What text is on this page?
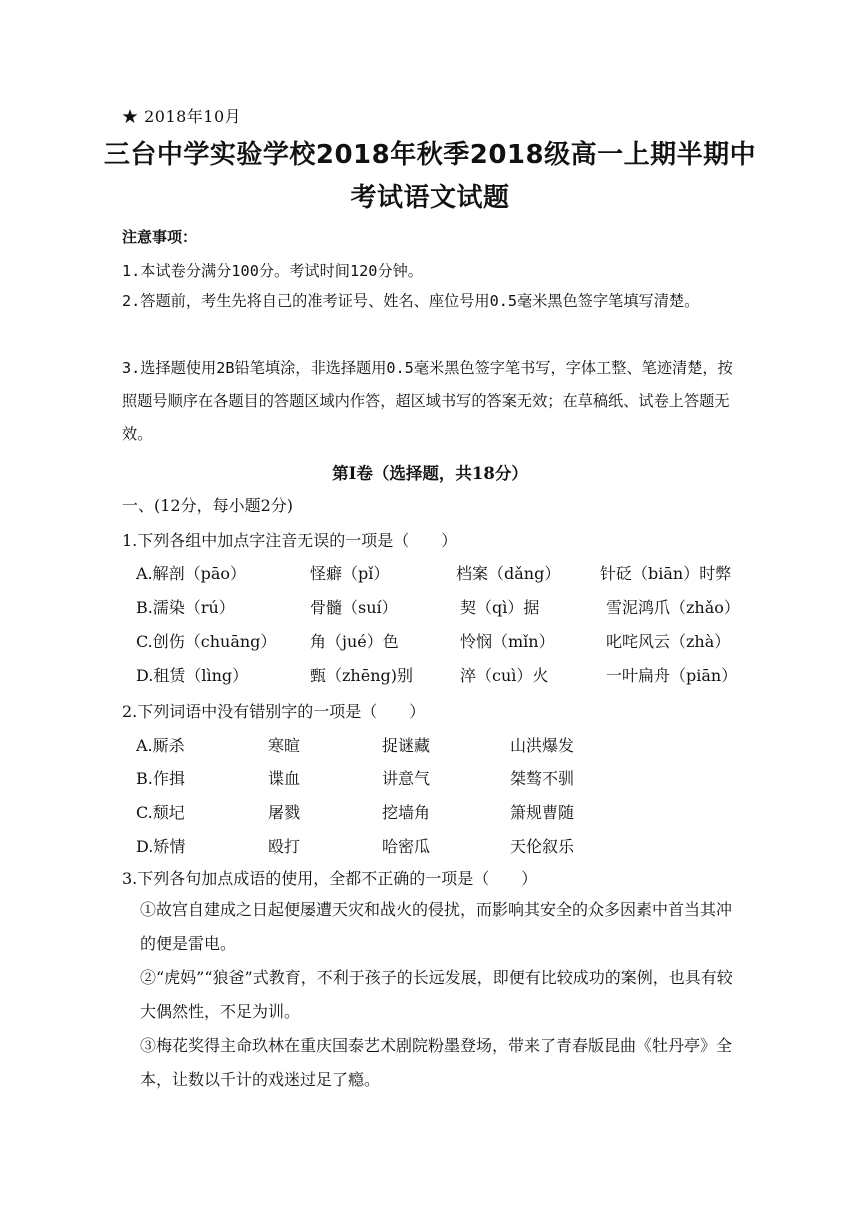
★ 2018年10月
三台中学实验学校2018年秋季2018级高一上期半期中
考试语文试题
注意事项：
1.本试卷分满分100分。考试时间120分钟。
2.答题前，考生先将自己的准考证号、姓名、座位号用0.5毫米黑色签字笔填写清楚。
3.选择题使用2B铅笔填涂，非选择题用0.5毫米黑色签字笔书写，字体工整、笔迹清楚，按照题号顺序在各题目的答题区域内作答，超区域书写的答案无效；在草稿纸、试卷上答题无效。
第Ⅰ卷（选择题，共18分）
一、(12分，每小题2分)
1.下列各组中加点字注音无误的一项是（　　）
A.解剖（pāo）	怪癖（pǐ）	档案（dǎng） 针砭（biān）时弊
B.濡染（rú）	骨髓（suí）	契（qì）据	雪泥鸿爪（zhǎo）
C.创伤（chuāng） 角（jué）色	怜悯（mǐn）	叱咤风云（zhà）
D.租赁（lìng）	甄（zhēng)别	淬（cuì）火	一叶扁舟（piān）
2.下列词语中没有错别字的一项是（　　）
A.厮杀	寒暄	捉谜藏	山洪爆发
B.作揖	谍血	讲意气	桀骜不驯
C.颓圮	屠戮	挖墙角	箫规曹随
D.矫情	殴打	哈密瓜	天伦叙乐
3.下列各句加点成语的使用，全都不正确的一项是（　　）
①故宫自建成之日起便屡遭天灾和战火的侵扰，而影响其安全的众多因素中首当其冲的便是雷电。
②“虎妈”“狼爸”式教育，不利于孩子的长远发展，即便有比较成功的案例，也具有较大偶然性，不足为训。
③梅花奖得主命玖林在重庆国泰艺术剧院粉墨登场，带来了青春版昆曲《牡丹亭》全本，让数以千计的戏迷过足了瘾。
